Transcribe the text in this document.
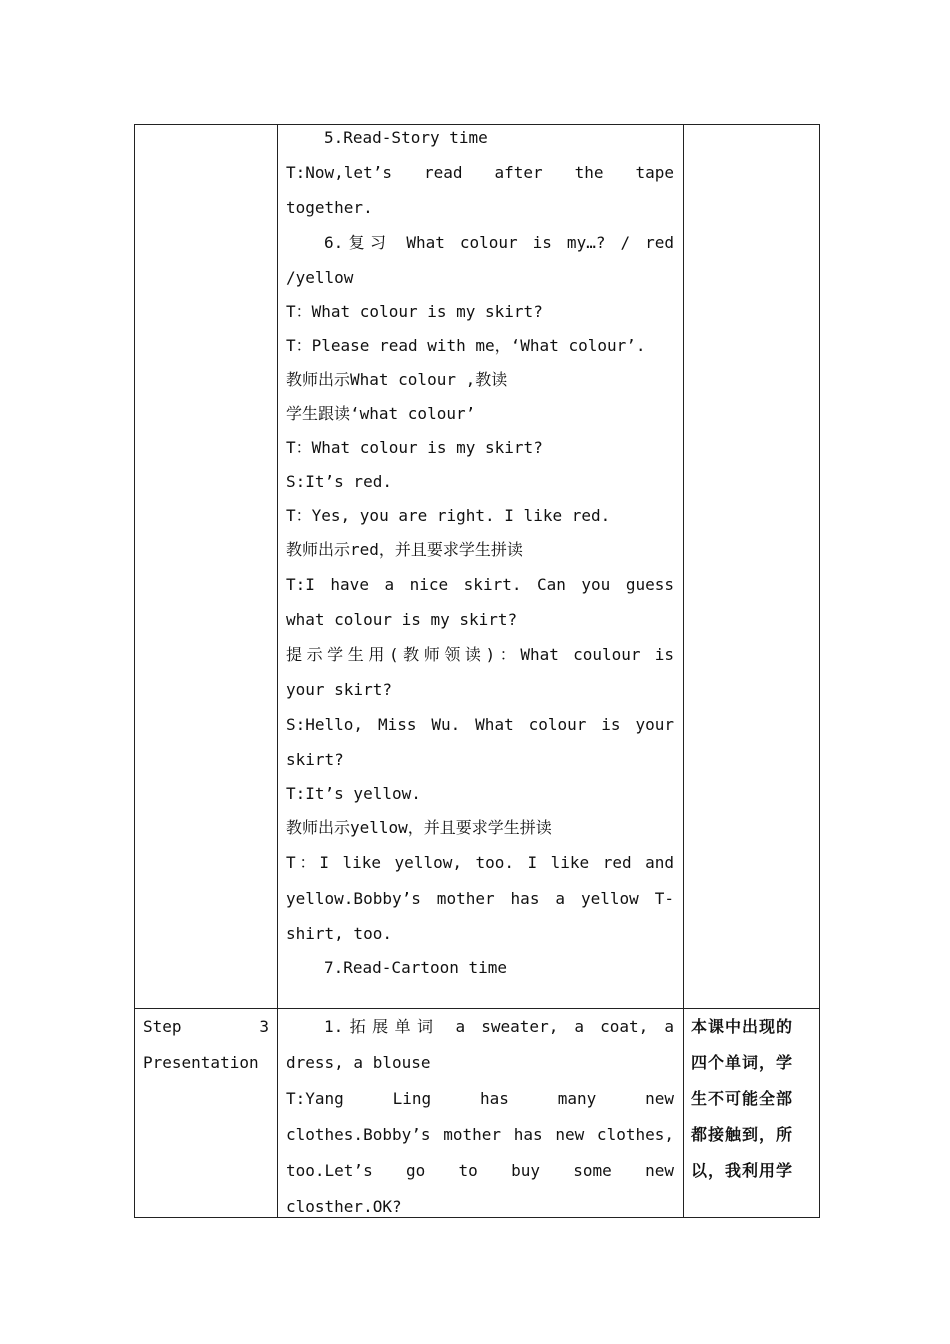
5.Read-Story time
T:Now,let’s read after the tape
together.
6.复习 What colour is my…? / red
/yellow
T：What colour is my skirt?
T：Please read with me，‘What colour’.
教师出示What colour ,教读
学生跟读‘what colour’
T：What colour is my skirt?
S:It’s red.
T：Yes, you are right. I like red.
教师出示red，并且要求学生拼读
T:I have a nice skirt. Can you guess
what colour is my skirt?
提示学生用(教师领读)：What coulour is
your skirt?
S:Hello, Miss Wu. What colour is your
skirt?
T:It’s yellow.
教师出示yellow，并且要求学生拼读
T：I like yellow, too. I like red and
yellow.Bobby’s mother has a yellow T-
shirt, too.
7.Read-Cartoon time
Step	3
Presentation
1.拓展单词 a sweater, a coat, a
dress, a blouse
T:Yang Ling has many new
clothes.Bobby’s mother has new clothes,
too.Let’s go to buy some new
closther.OK?
本课中出现的
四个单词，学
生不可能全部
都接触到，所
以，我利用学
